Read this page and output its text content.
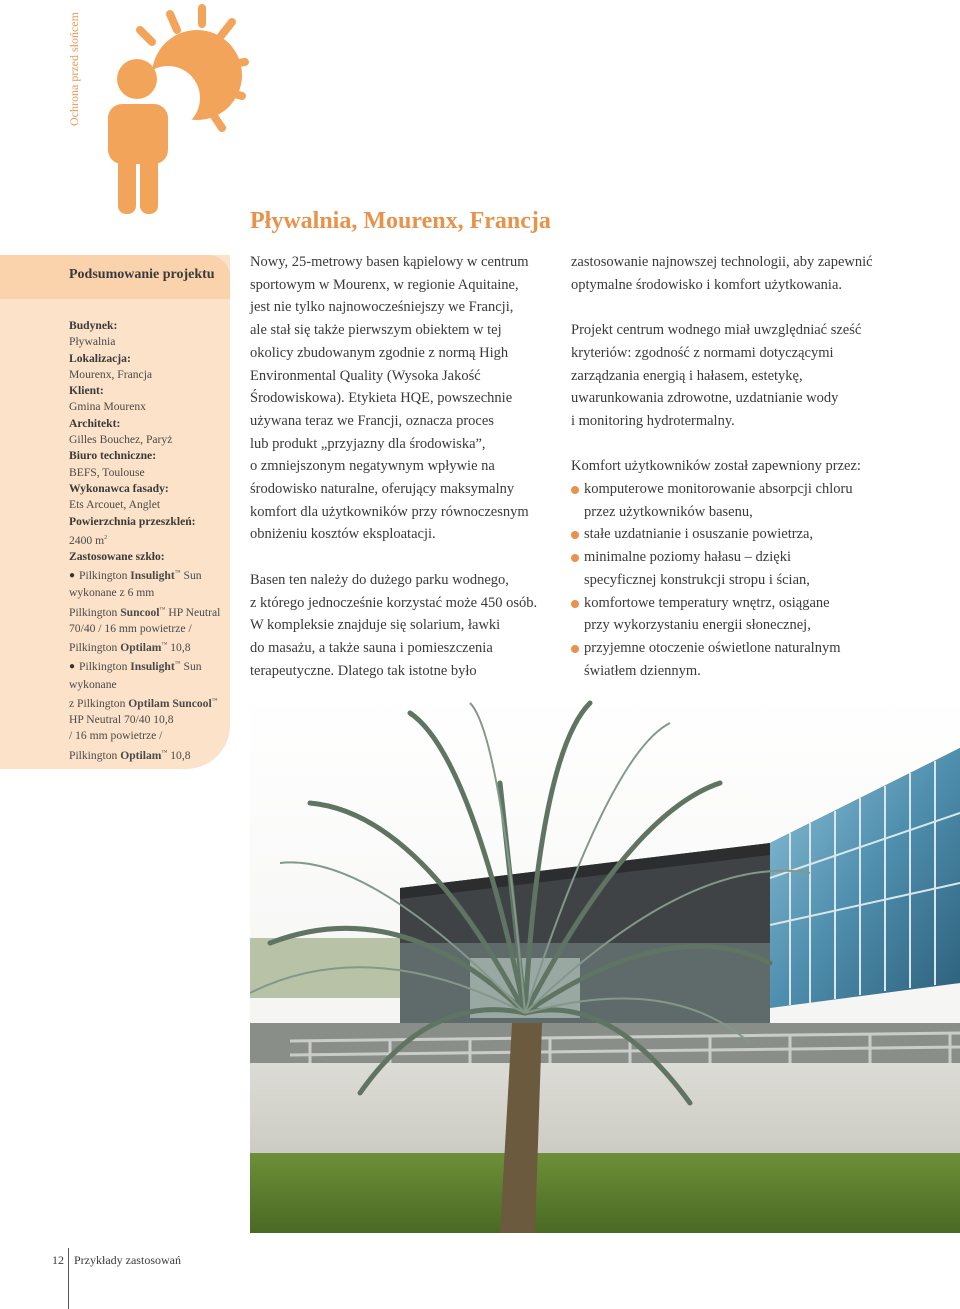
Ochrona przed słońcem
Pływalnia, Mourenx, Francja
Podsumowanie projektu
Budynek:
Pływalnia
Lokalizacja:
Mourenx, Francja
Klient:
Gmina Mourenx
Architekt:
Gilles Bouchez, Paryż
Biuro techniczne:
BEFS, Toulouse
Wykonawca fasady:
Ets Arcouet, Anglet
Powierzchnia przeszkleń:
2400 $m^2$
Zastosowane szkło:
● Pilkington Insulight™ Sun
wykonane z 6 mm
Pilkington Suncool™ HP Neutral
70/40 / 16 mm powietrze /
Pilkington Optilam™ 10,8
● Pilkington Insulight™ Sun
wykonane
z Pilkington Optilam Suncool™
HP Neutral 70/40 10,8
/ 16 mm powietrze /
Pilkington Optilam™ 10,8
Nowy, 25-metrowy basen kąpielowy w centrum
sportowym w Mourenx, w regionie Aquitaine,
jest nie tylko najnowocześniejszy we Francji,
ale stał się także pierwszym obiektem w tej
okolicy zbudowanym zgodnie z normą High
Environmental Quality (Wysoka Jakość
Środowiskowa). Etykieta HQE, powszechnie
używana teraz we Francji, oznacza proces
lub produkt „przyjazny dla środowiska”,
o zmniejszonym negatywnym wpływie na
środowisko naturalne, oferujący maksymalny
komfort dla użytkowników przy równoczesnym
obniżeniu kosztów eksploatacji.
Basen ten należy do dużego parku wodnego,
z którego jednocześnie korzystać może 450 osób.
W kompleksie znajduje się solarium, ławki
do masażu, a także sauna i pomieszczenia
terapeutyczne. Dlatego tak istotne było
zastosowanie najnowszej technologii, aby zapewnić
optymalne środowisko i komfort użytkowania.
Projekt centrum wodnego miał uwzględniać sześć
kryteriów: zgodność z normami dotyczącymi
zarządzania energią i hałasem, estetykę,
uwarunkowania zdrowotne, uzdatnianie wody
i monitoring hydrotermalny.
Komfort użytkowników został zapewniony przez:
komputerowe monitorowanie absorpcji chloru
przez użytkowników basenu,
stałe uzdatnianie i osuszanie powietrza,
minimalne poziomy hałasu – dzięki
specyficznej konstrukcji stropu i ścian,
komfortowe temperatury wnętrz, osiągane
przy wykorzystaniu energii słonecznej,
przyjemne otoczenie oświetlone naturalnym
światłem dziennym.
12 Przykłady zastosowań
